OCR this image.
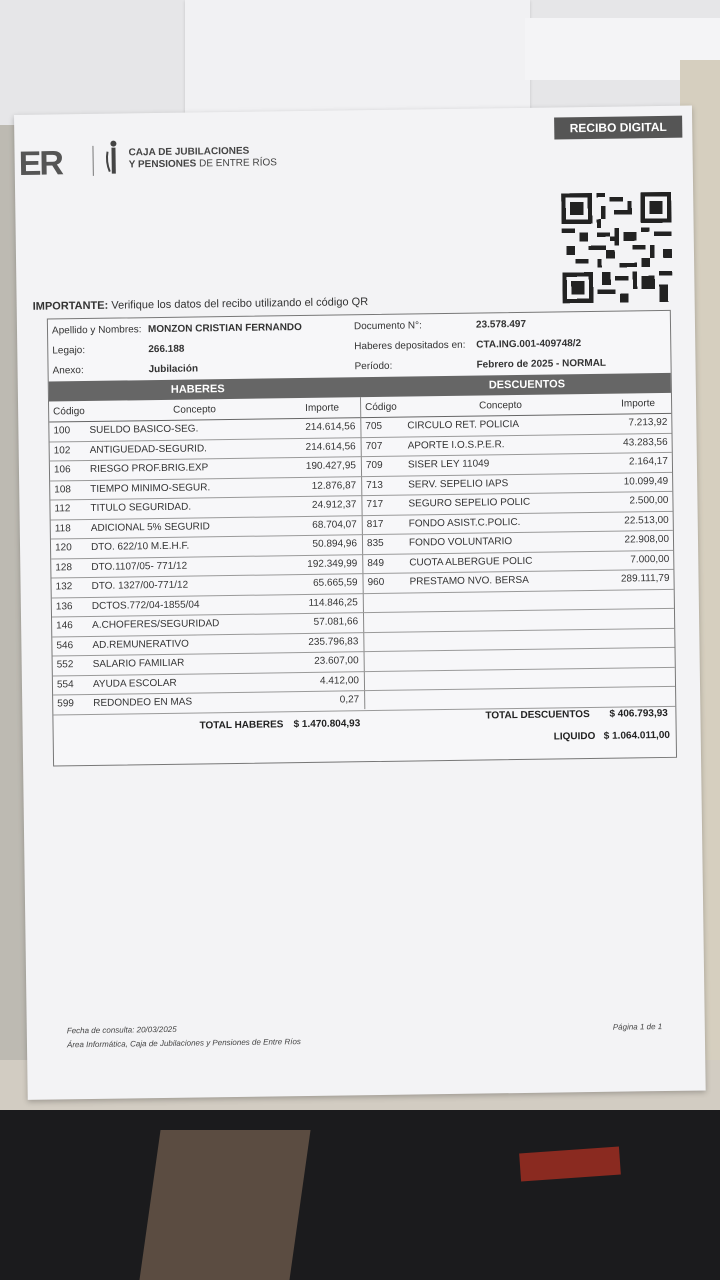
ER	CAJA DE JUBILACIONES
Y PENSIONES DE ENTRE RÍOS
RECIBO DIGITAL
IMPORTANTE: Verifique los datos del recibo utilizando el código QR
Apellido y Nombres: MONZON CRISTIAN FERNANDO	Documento N°:	23.578.497
Legajo:	266.188	Haberes depositados en: CTA.ING.001-409748/2
Anexo:	Jubilación	Período:	Febrero de 2025 - NORMAL
HABERES	DESCUENTOS
Código	Concepto	Importe	Código	Concepto	Importe
100 SUELDO BASICO-SEG.	214.614,56 705	CIRCULO RET. POLICIA	7.213,92
102 ANTIGUEDAD-SEGURID.	214.614,56 707	APORTE I.O.S.P.E.R.	43.283,56
106 RIESGO PROF.BRIG.EXP	190.427,95 709	SISER LEY 11049	2.164,17
108 TIEMPO MINIMO-SEGUR.	12.876,87 713	SERV. SEPELIO IAPS	10.099,49
112 TITULO SEGURIDAD.	24.912,37 717	SEGURO SEPELIO POLIC	2.500,00
118 ADICIONAL 5% SEGURID	68.704,07 817	FONDO ASIST.C.POLIC.	22.513,00
120 DTO. 622/10 M.E.H.F.	50.894,96 835	FONDO VOLUNTARIO	22.908,00
128 DTO.1107/05- 771/12	192.349,99 849	CUOTA ALBERGUE POLIC	7.000,00
132 DTO. 1327/00-771/12	65.665,59 960	PRESTAMO NVO. BERSA	289.111,79
136 DCTOS.772/04-1855/04	114.846,25
146 A.CHOFERES/SEGURIDAD	57.081,66
546 AD.REMUNERATIVO	235.796,83
552 SALARIO FAMILIAR	23.607,00
554 AYUDA ESCOLAR	4.412,00
599 REDONDEO EN MAS	0,27
TOTAL HABERES $ 1.470.804,93
TOTAL DESCUENTOS $ 406.793,93
LIQUIDO $ 1.064.011,00
Fecha de consulta: 20/03/2025
Área Informática, Caja de Jubilaciones y Pensiones de Entre Ríos
Página 1 de 1
